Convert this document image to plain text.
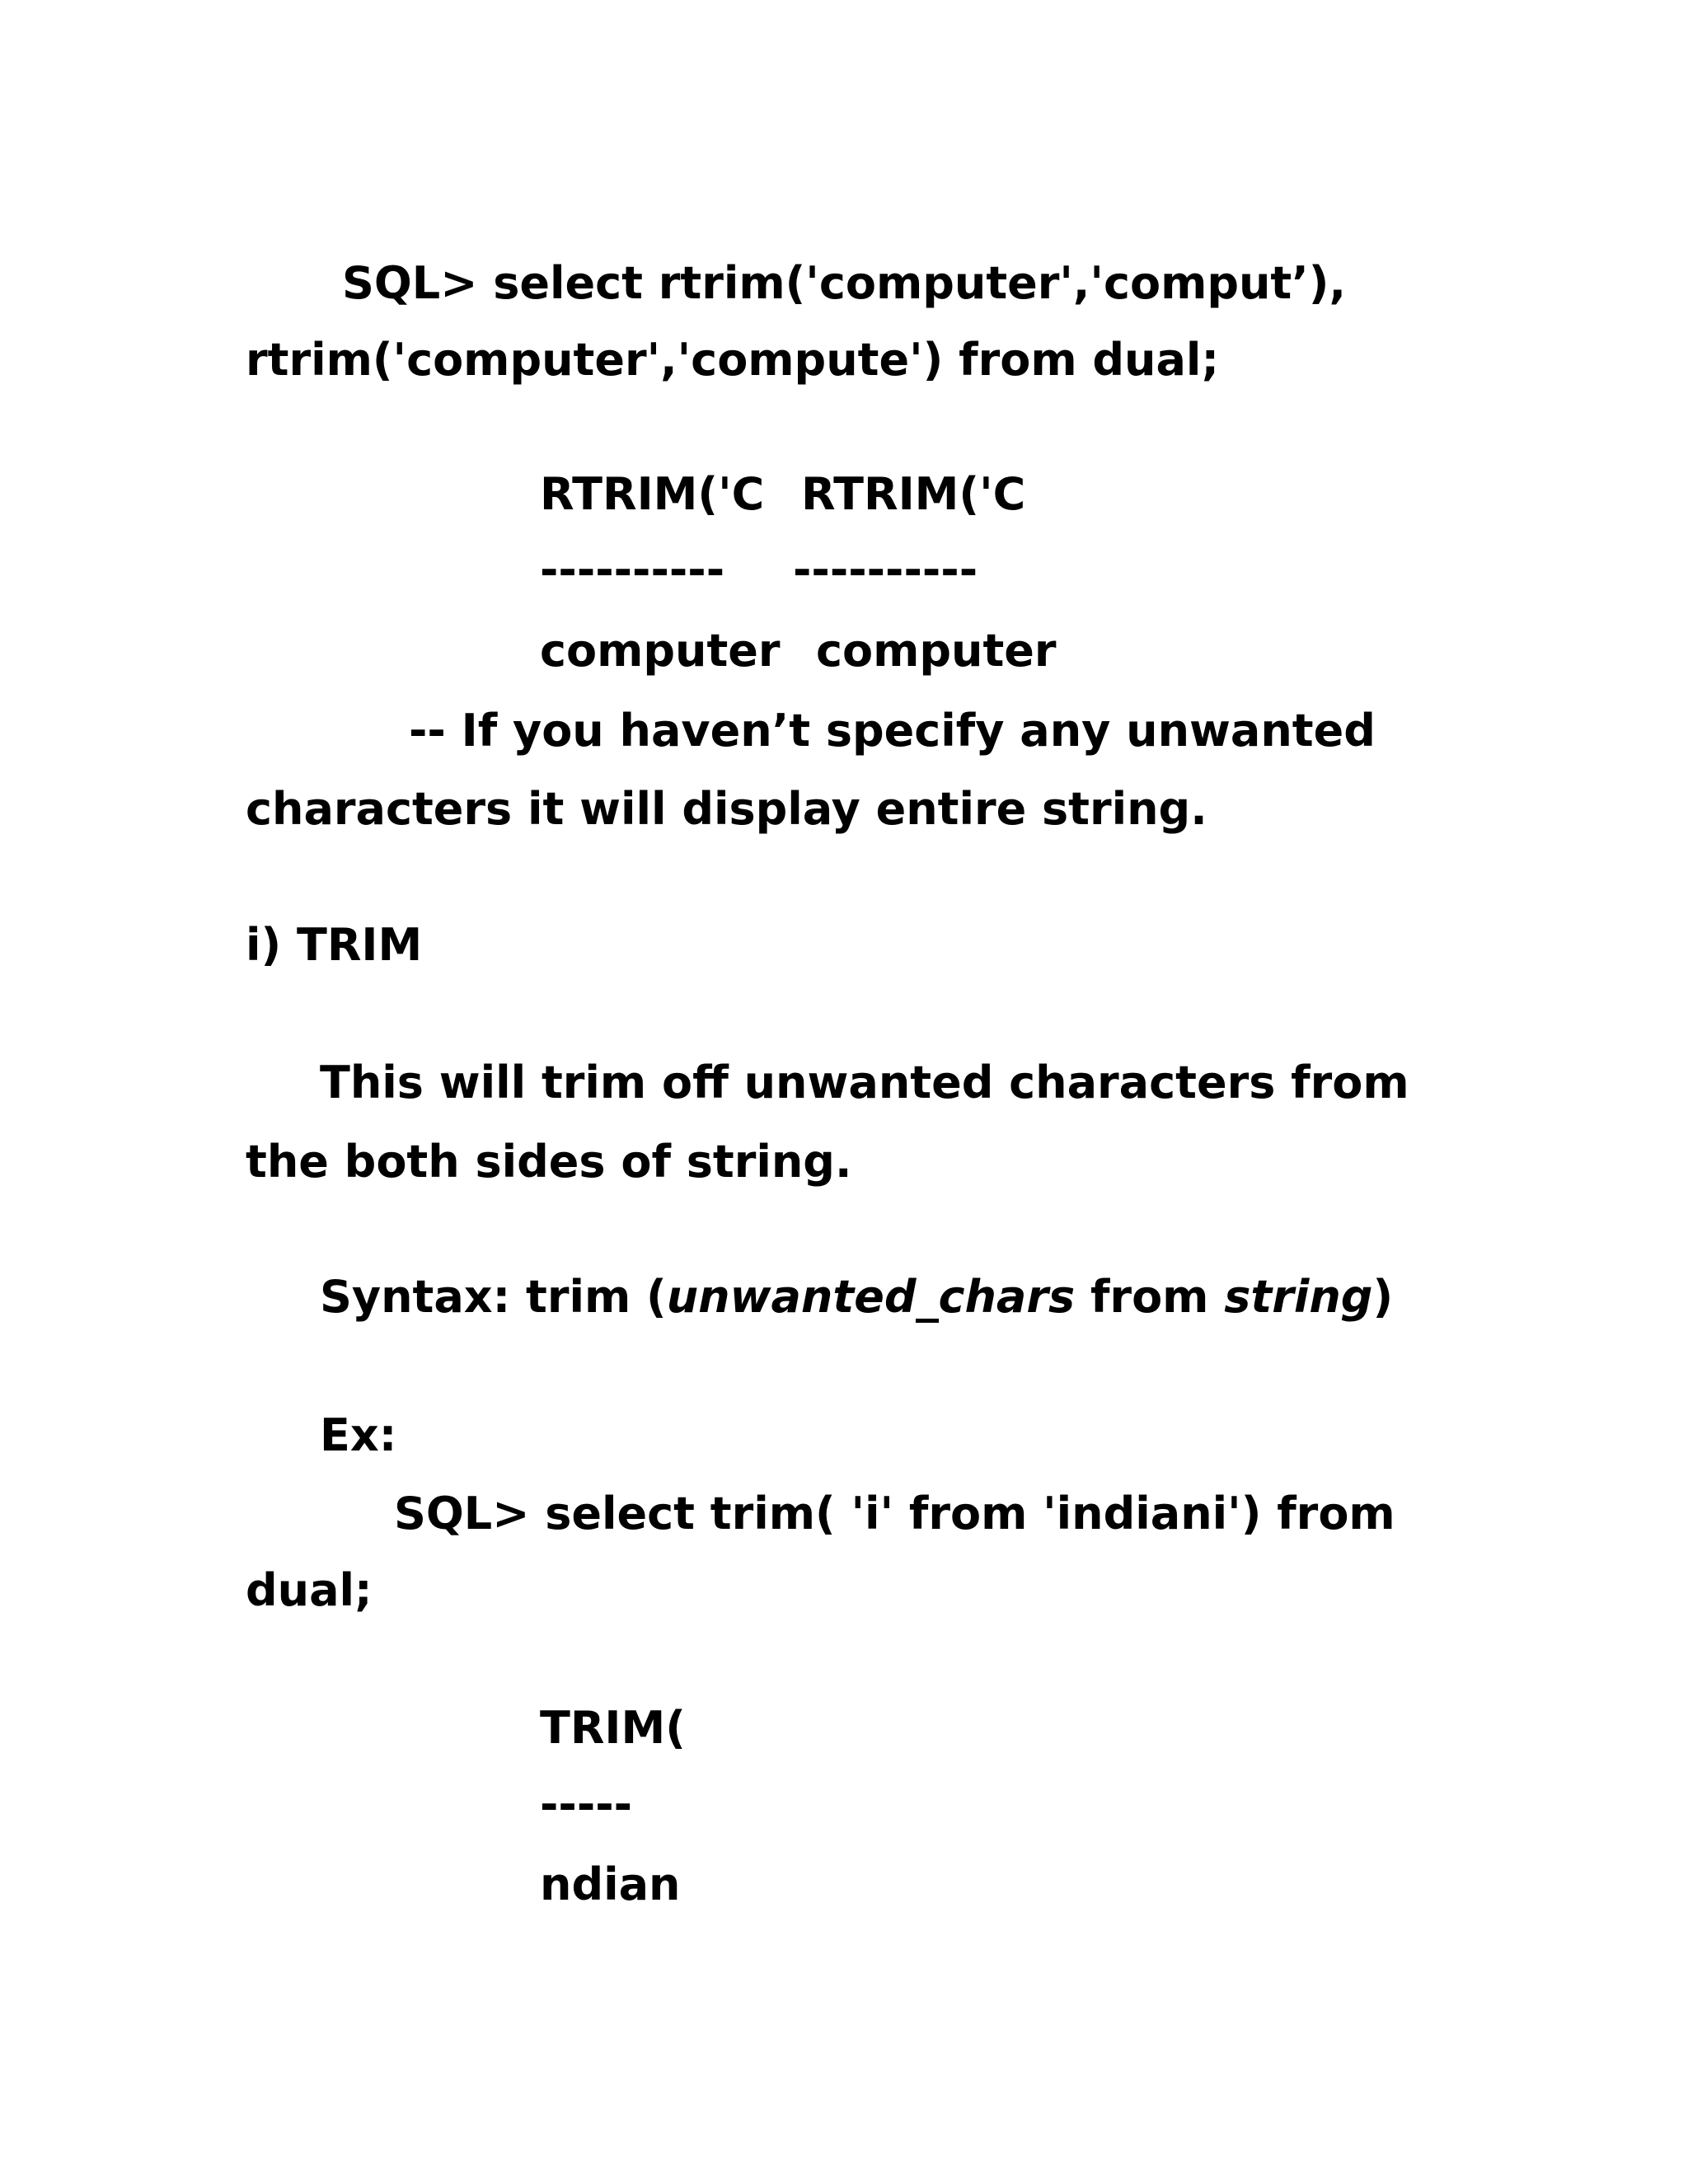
SQL> select rtrim('computer','comput’),

rtrim('computer','compute') from dual;

RTRIM('C RTRIM('C

---------- ----------

computer computer

-- If you haven’t specify any unwanted

characters it will display entire string.

i) TRIM

This will trim off unwanted characters from

the both sides of string.

Syntax: trim (unwanted_chars from string)

Ex:

SQL> select trim( 'i' from 'indiani') from

dual;

TRIM(

-----

ndian
